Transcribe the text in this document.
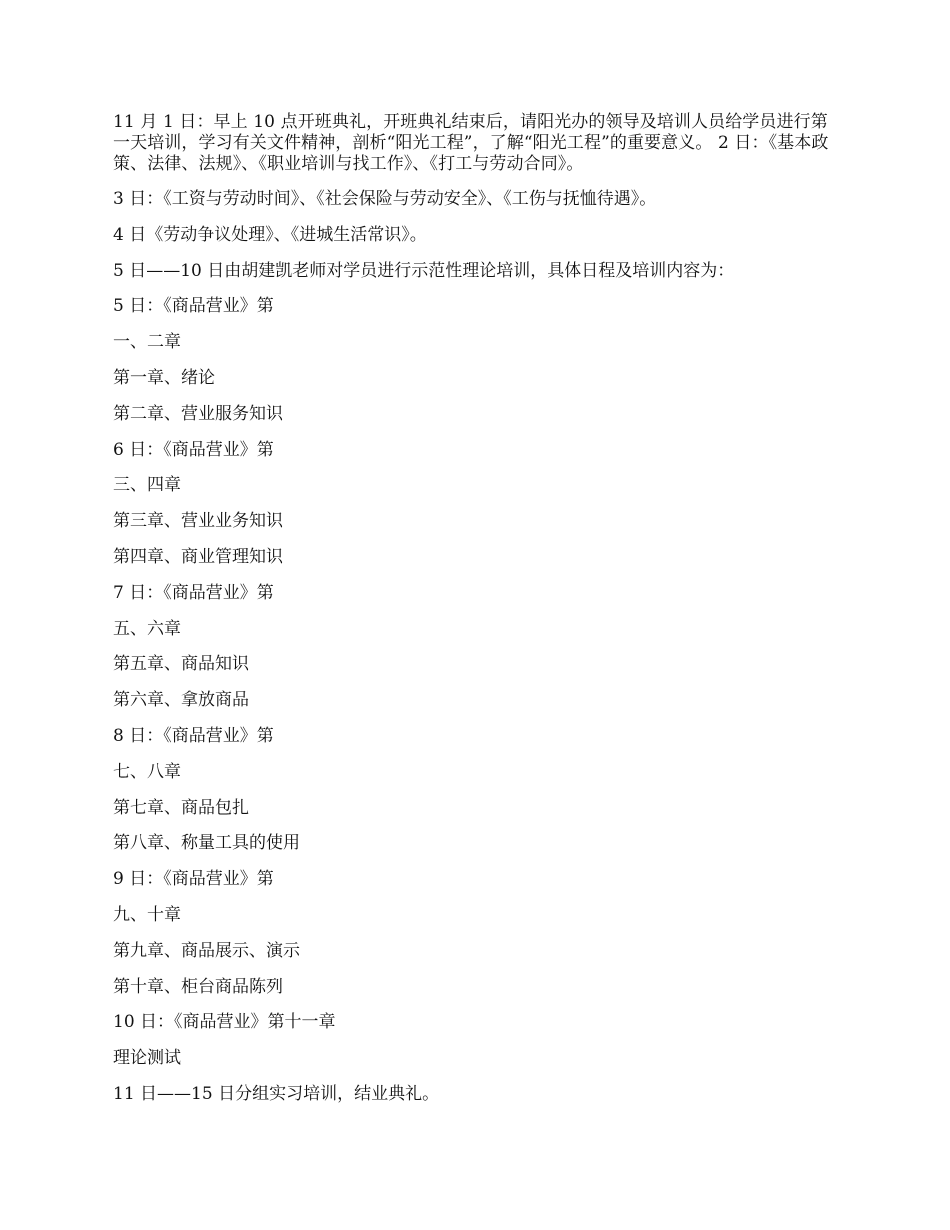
11 月 1 日：早上 10 点开班典礼，开班典礼结束后，请阳光办的领导及培训人员给学员进行第一天培训，学习有关文件精神，剖析“阳光工程”，了解“阳光工程”的重要意义。 2 日：《基本政策、法律、法规》、《职业培训与找工作》、《打工与劳动合同》。

3 日：《工资与劳动时间》、《社会保险与劳动安全》、《工伤与抚恤待遇》。
4 日《劳动争议处理》、《进城生活常识》。
5 日——10 日由胡建凯老师对学员进行示范性理论培训，具体日程及培训内容为：
5 日：《商品营业》第
一、二章
第一章、绪论
第二章、营业服务知识
6 日：《商品营业》第
三、四章
第三章、营业业务知识
第四章、商业管理知识
7 日：《商品营业》第
五、六章
第五章、商品知识
第六章、拿放商品
8 日：《商品营业》第
七、八章
第七章、商品包扎
第八章、称量工具的使用
9 日：《商品营业》第
九、十章
第九章、商品展示、演示
第十章、柜台商品陈列
10 日：《商品营业》第十一章
理论测试
11 日——15 日分组实习培训，结业典礼。
